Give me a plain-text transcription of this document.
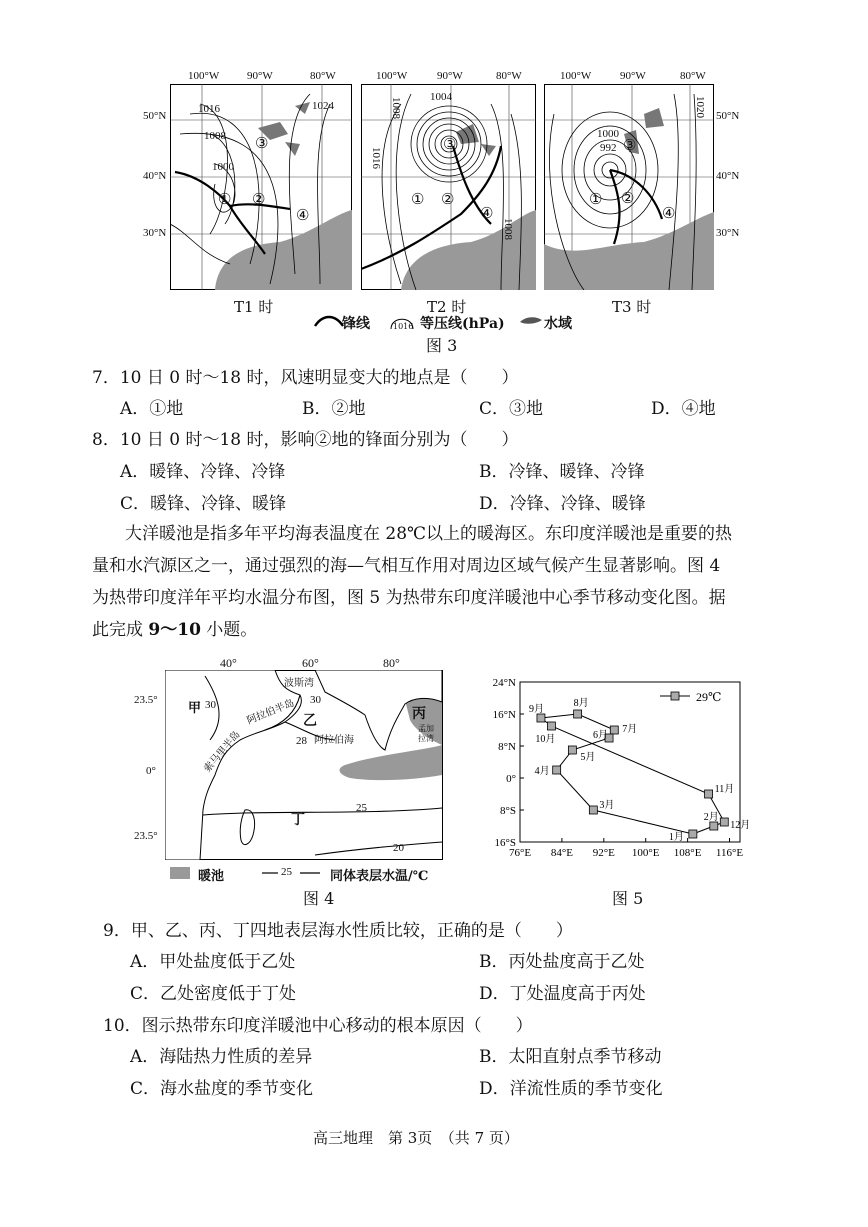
100°W	90°W	80°W	100°W	90°W	80°W	100°W	90°W	80°W
50°N
40°N
30°N
50°N
40°N
30°N
1016
1008
1000
1024
① ②
③
④
T1 时
1004
1008
1016
1008
① ②
③
④
T2 时
1000
992
1020
① ②
③
④
T3 时
锋线	1016 等压线(hPa)	水域
图 3
7．10 日 0 时～18 时，风速明显变大的地点是（　　）
A．①地	B．②地	C．③地	D．④地
8．10 日 0 时～18 时，影响②地的锋面分别为（　　）
A．暖锋、冷锋、冷锋	B．冷锋、暖锋、冷锋
C．暖锋、冷锋、暖锋	D．冷锋、冷锋、暖锋
大洋暖池是指多年平均海表温度在 28℃以上的暖海区。东印度洋暖池是重要的热
量和水汽源区之一，通过强烈的海—气相互作用对周边区域气候产生显著影响。图 4
为热带印度洋年平均水温分布图，图 5 为热带东印度洋暖池中心季节移动变化图。据
此完成 9～10 小题。
40°	60°	80°
23.5°
0°
23.5°
甲 30
波斯湾
30
阿拉伯半岛 乙
28 阿拉伯海
索马里半岛
丙
孟加拉湾
25
丁
20
暖池	25	同体表层水温/℃
图 4
76°E 84°E 92°E 100°E 108°E 116°E
24°N
16°N
8°N
0°
8°S
16°S	1月
2月
12月
11月
10月
9月
8月
7月
6月
5月
4月
3月
29℃
图 5
9．甲、乙、丙、丁四地表层海水性质比较，正确的是（　　）
A．甲处盐度低于乙处	B．丙处盐度高于乙处
C．乙处密度低于丁处	D．丁处温度高于丙处
10．图示热带东印度洋暖池中心移动的根本原因（　　）
A．海陆热力性质的差异	B．太阳直射点季节移动
C．海水盐度的季节变化	D．洋流性质的季节变化
高三地理　第 3页　（共 7 页）
